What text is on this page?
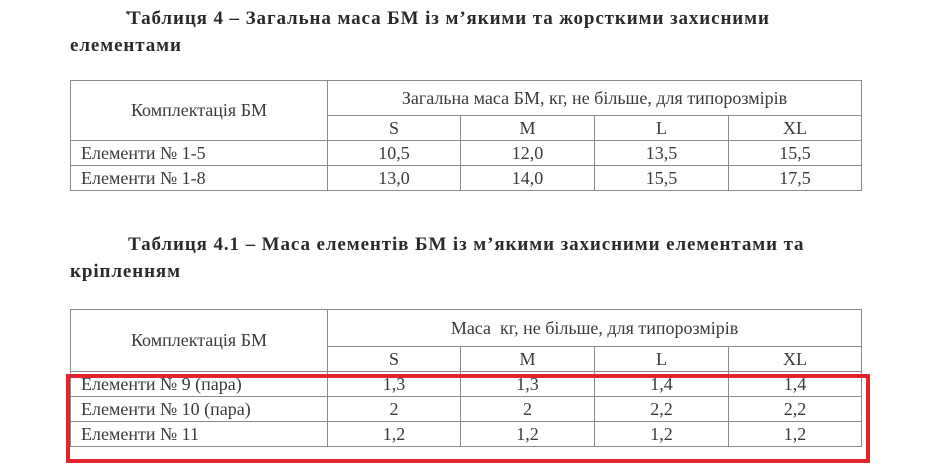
Таблиця 4 – Загальна маса БМ із м’якими та жорсткими захисними елементами
Комплектація БМ	Загальна маса БМ, кг, не більше, для типорозмірів			
	S	M	L	XL
Елементи № 1-5	10,5	12,0	13,5	15,5
Елементи № 1-8	13,0	14,0	15,5	17,5
Таблиця 4.1 – Маса елементів БМ із м’якими захисними елементами та кріпленням
Комплектація БМ	Маса  кг, не більше, для типорозмірів			
	S	M	L	XL
Елементи № 9 (пара)	1,3	1,3	1,4	1,4
Елементи № 10 (пара)	2	2	2,2	2,2
Елементи № 11	1,2	1,2	1,2	1,2
